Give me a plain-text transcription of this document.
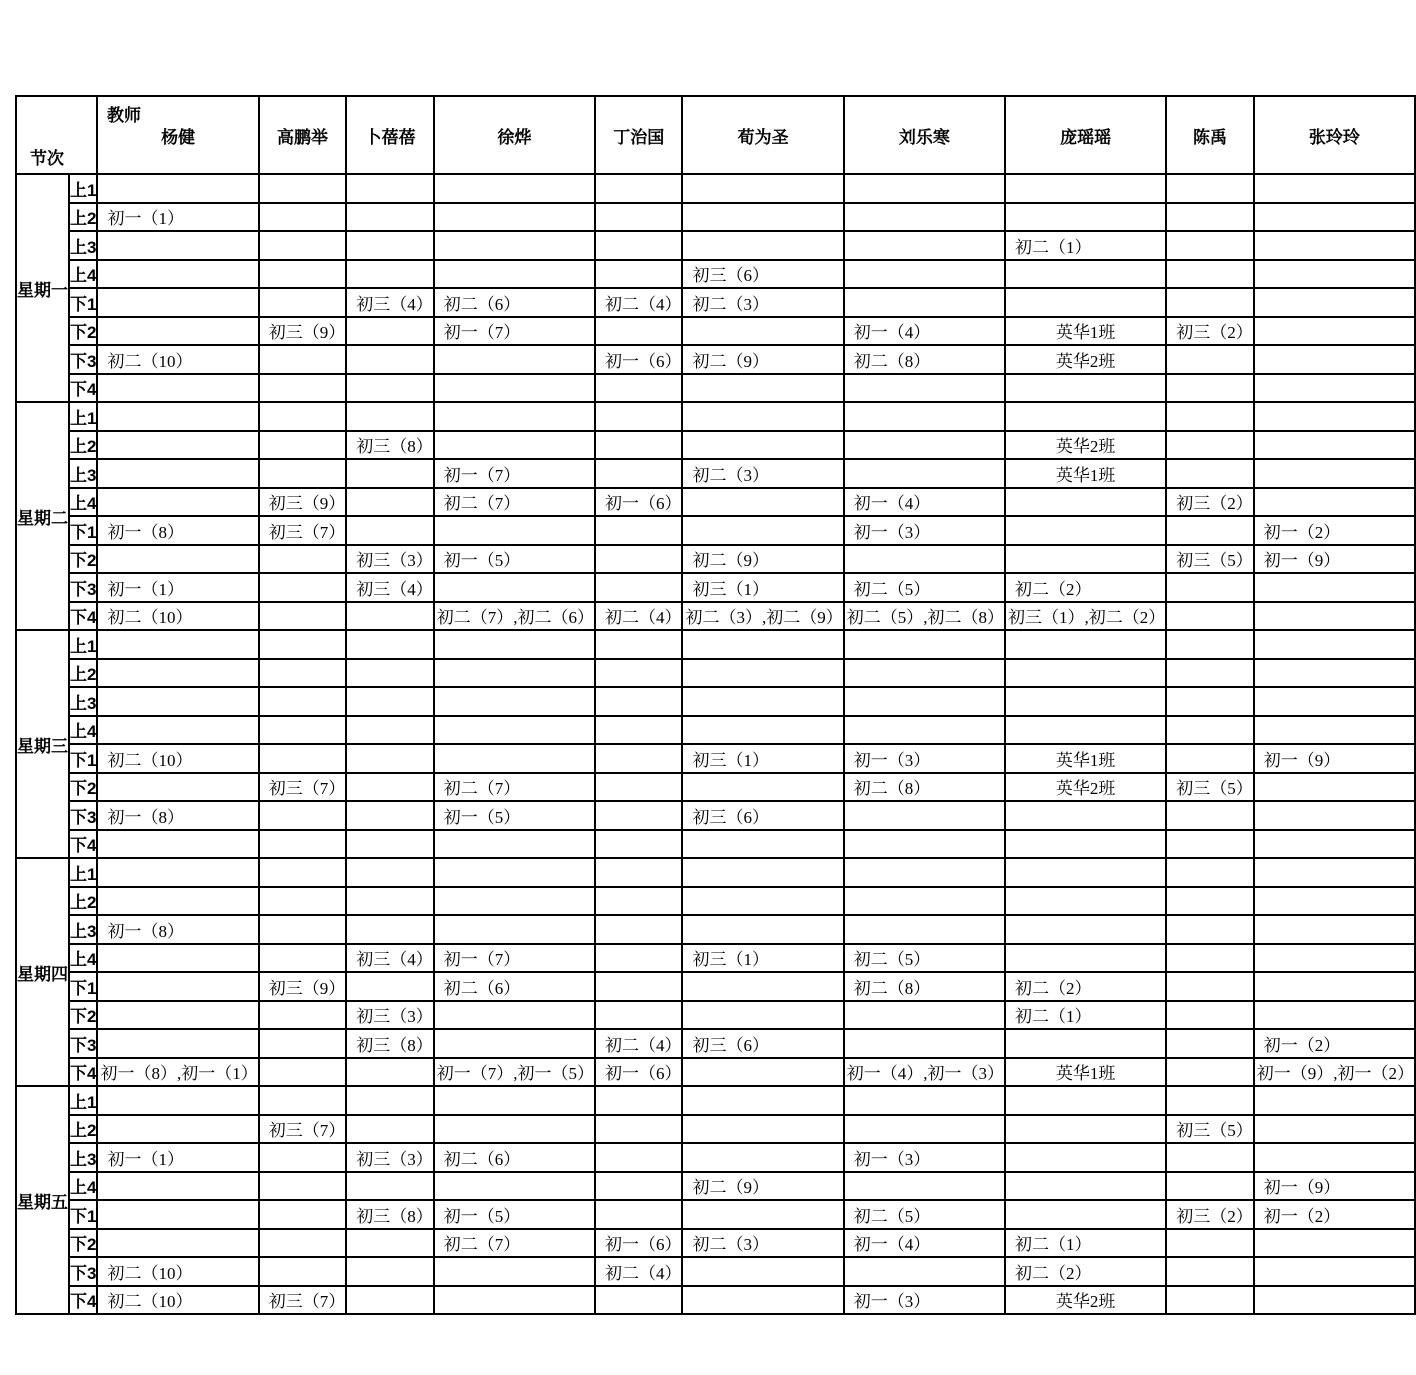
教师
节次		杨健	高鹏举	卜蓓蓓	徐烨	丁治国	荀为圣	刘乐寒	庞瑶瑶	陈禹	张玲玲
星期一	上1										
	上2	初一（1）									
	上3								初二（1）		
	上4						初三（6）				
	下1			初三（4）	初二（6）	初二（4）	初二（3）				
	下2		初三（9）		初一（7）			初一（4）	英华1班	初三（2）	
	下3	初二（10）				初一（6）	初二（9）	初二（8）	英华2班		
	下4										
星期二	上1										
	上2			初三（8）					英华2班		
	上3				初一（7）		初二（3）		英华1班		
	上4		初三（9）		初二（7）	初一（6）		初一（4）		初三（2）	
	下1	初一（8）	初三（7）					初一（3）			初一（2）
	下2			初三（3）	初一（5）		初二（9）			初三（5）	初一（9）
	下3	初一（1）		初三（4）			初三（1）	初二（5）	初二（2）		
	下4	初二（10）			初二（7）,初二（6）	初二（4）	初二（3）,初二（9）	初二（5）,初二（8）	初三（1）,初二（2）		
星期三	上1										
	上2										
	上3										
	上4										
	下1	初二（10）					初三（1）	初一（3）	英华1班		初一（9）
	下2		初三（7）		初二（7）			初二（8）	英华2班	初三（5）	
	下3	初一（8）			初一（5）		初三（6）				
	下4										
星期四	上1										
	上2										
	上3	初一（8）									
	上4			初三（4）	初一（7）		初三（1）	初二（5）			
	下1		初三（9）		初二（6）			初二（8）	初二（2）		
	下2			初三（3）					初二（1）		
	下3			初三（8）		初二（4）	初三（6）				初一（2）
	下4	初一（8）,初一（1）			初一（7）,初一（5）	初一（6）		初一（4）,初一（3）	英华1班		初一（9）,初一（2）
星期五	上1										
	上2		初三（7）							初三（5）	
	上3	初一（1）		初三（3）	初二（6）			初一（3）			
	上4						初二（9）				初一（9）
	下1			初三（8）	初一（5）			初二（5）		初三（2）	初一（2）
	下2				初二（7）	初一（6）	初二（3）	初一（4）	初二（1）		
	下3	初二（10）				初二（4）			初二（2）		
	下4	初二（10）	初三（7）					初一（3）	英华2班		
